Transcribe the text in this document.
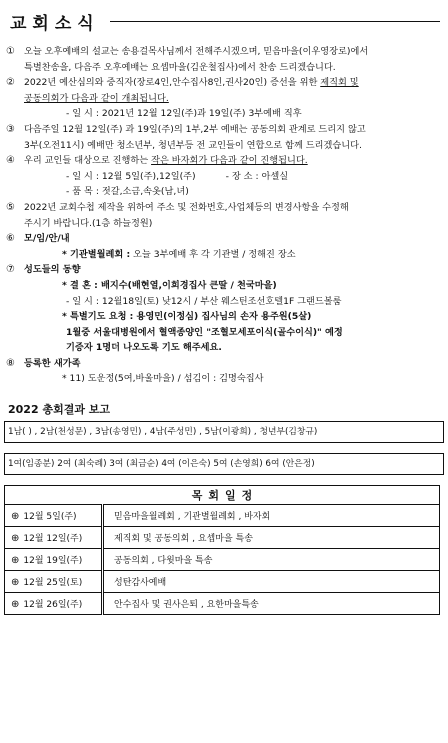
교회소식
① 오늘 오후예배의 설교는 송용걸목사님께서 전해주시겠으며, 믿음마을(이우영장로)에서
특별찬송을, 다음주 오후예배는 요셉마을(김운철집사)에서 찬송 드리겠습니다.
② 2022년 예산심의와 중직자(장로4인,안수집사8인,권사20인) 증선을 위한 제직회 및
공동의회가 다음과 같이 개최됩니다.
- 일 시 : 2021년 12월 12일(주)과 19일(주) 3부예배 직후
③ 다음주일 12월 12일(주) 과 19일(주)의 1부,2부 예배는 공동의회 관계로 드리지 않고
3부(오전11시) 예배만 청소년부, 청년부등 전 교인들이 연합으로 함께 드리겠습니다.
④ 우리 교인들 대상으로 진행하는 작은 바자회가 다음과 같이 진행됩니다.
- 일 시 : 12월 5일(주),12일(주)	- 장 소 : 아셀실
- 품 목 : 젓갈,소금,속옷(남,녀)
⑤ 2022년 교회수첩 제작을 위하여 주소 및 전화번호,사업체등의 변경사항을 수정해
주시기 바랍니다.(1층 하늘정원)
⑥ 모/임/안/내
* 기관별월례회 : 오늘 3부예배 후 각 기관별 / 정해진 장소
⑦ 성도들의 동향
* 결 혼 : 배지수(배현열,이희경집사 큰딸 / 천국마을)
- 일 시 : 12월18일(토) 낮12시 / 부산 웨스틴조선호텔1F 그랜드볼룸
* 특별기도 요청 : 용영민(이정심) 집사님의 손자 용주원(5살)
1월중 서울대병원에서 혈액종양인 "조혈모세포이식(골수이식)" 예정
기증자 1명더 나오도록 기도 해주세요.
⑧ 등록한 새가족
* 11) 도운정(5여,바울마을) / 섬김이 : 김명숙집사
2022 총회결과 보고
1남( ) , 2남(천성문) , 3남(송영민) , 4남(주성민) , 5남(이광희) , 청년부(김창규)
1여(임종분) 2여 (최숙례) 3여 (최금순) 4여 (이은숙) 5여 (손영희) 6여 (안은정)
목회일정	
⊕ 12월 5일(주)	믿음마을월례회 , 기관별월례회 , 바자회
⊕ 12월 12일(주)	제직회 및 공동의회 , 요셉마을 특송
⊕ 12월 19일(주)	공동의회 , 다윗마을 특송
⊕ 12월 25일(토)	성탄감사예배
⊕ 12월 26일(주)	안수집사 및 권사은퇴 , 요한마을특송
